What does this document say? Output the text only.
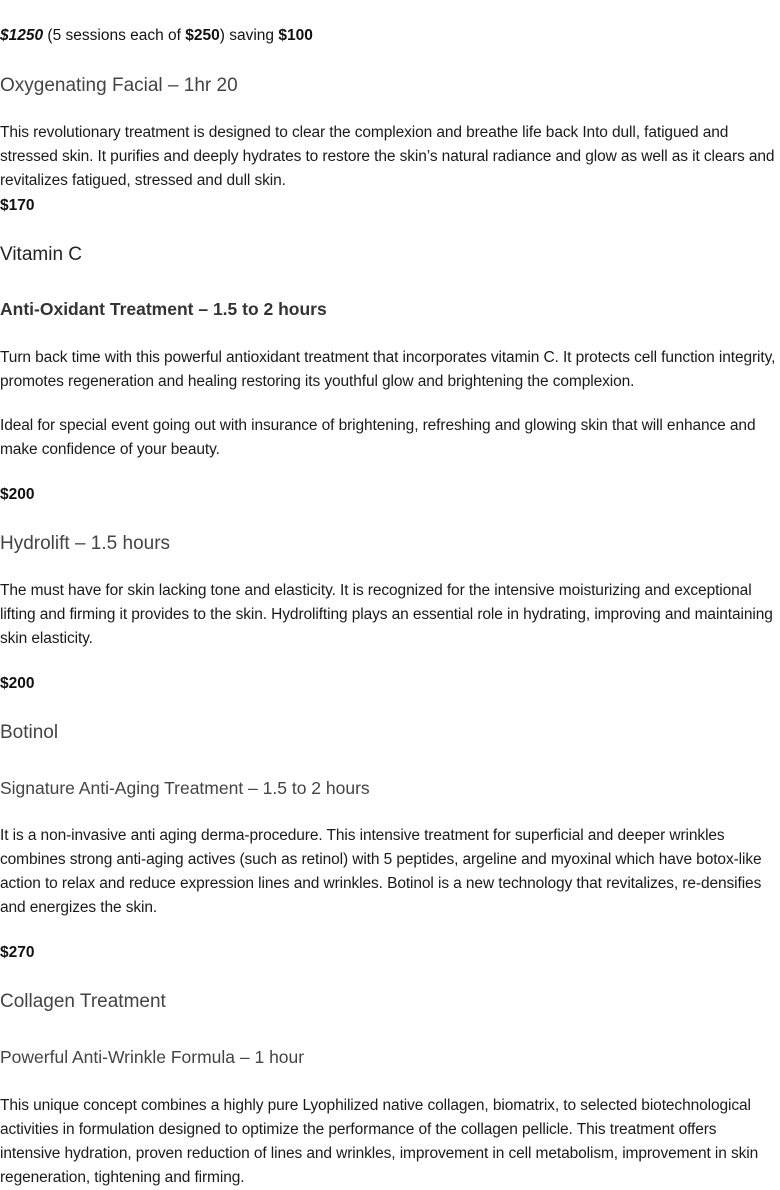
$1250 (5 sessions each of $250) saving $100

Oxygenating Facial – 1hr 20

This revolutionary treatment is designed to clear the complexion and breathe life back Into dull, fatigued and stressed skin. It purifies and deeply hydrates to restore the skin’s natural radiance and glow as well as it clears and revitalizes fatigued, stressed and dull skin.

$170

Vitamin C
Anti-Oxidant Treatment – 1.5 to 2 hours

Turn back time with this powerful antioxidant treatment that incorporates vitamin C. It protects cell function integrity, promotes regeneration and healing restoring its youthful glow and brightening the complexion.

Ideal for special event going out with insurance of brightening, refreshing and glowing skin that will enhance and make confidence of your beauty.

$200

Hydrolift – 1.5 hours

The must have for skin lacking tone and elasticity. It is recognized for the intensive moisturizing and exceptional lifting and firming it provides to the skin. Hydrolifting plays an essential role in hydrating, improving and maintaining skin elasticity.

$200

Botinol
Signature Anti-Aging Treatment – 1.5 to 2 hours

It is a non-invasive anti aging derma-procedure. This intensive treatment for superficial and deeper wrinkles combines strong anti-aging actives (such as retinol) with 5 peptides, argeline and myoxinal which have botox-like action to relax and reduce expression lines and wrinkles. Botinol is a new technology that revitalizes, re-densifies and energizes the skin.

$270

Collagen Treatment
Powerful Anti-Wrinkle Formula – 1 hour

This unique concept combines a highly pure Lyophilized native collagen, biomatrix, to selected biotechnological activities in formulation designed to optimize the performance of the collagen pellicle. This treatment offers intensive hydration, proven reduction of lines and wrinkles, improvement in cell metabolism, improvement in skin regeneration, tightening and firming.
